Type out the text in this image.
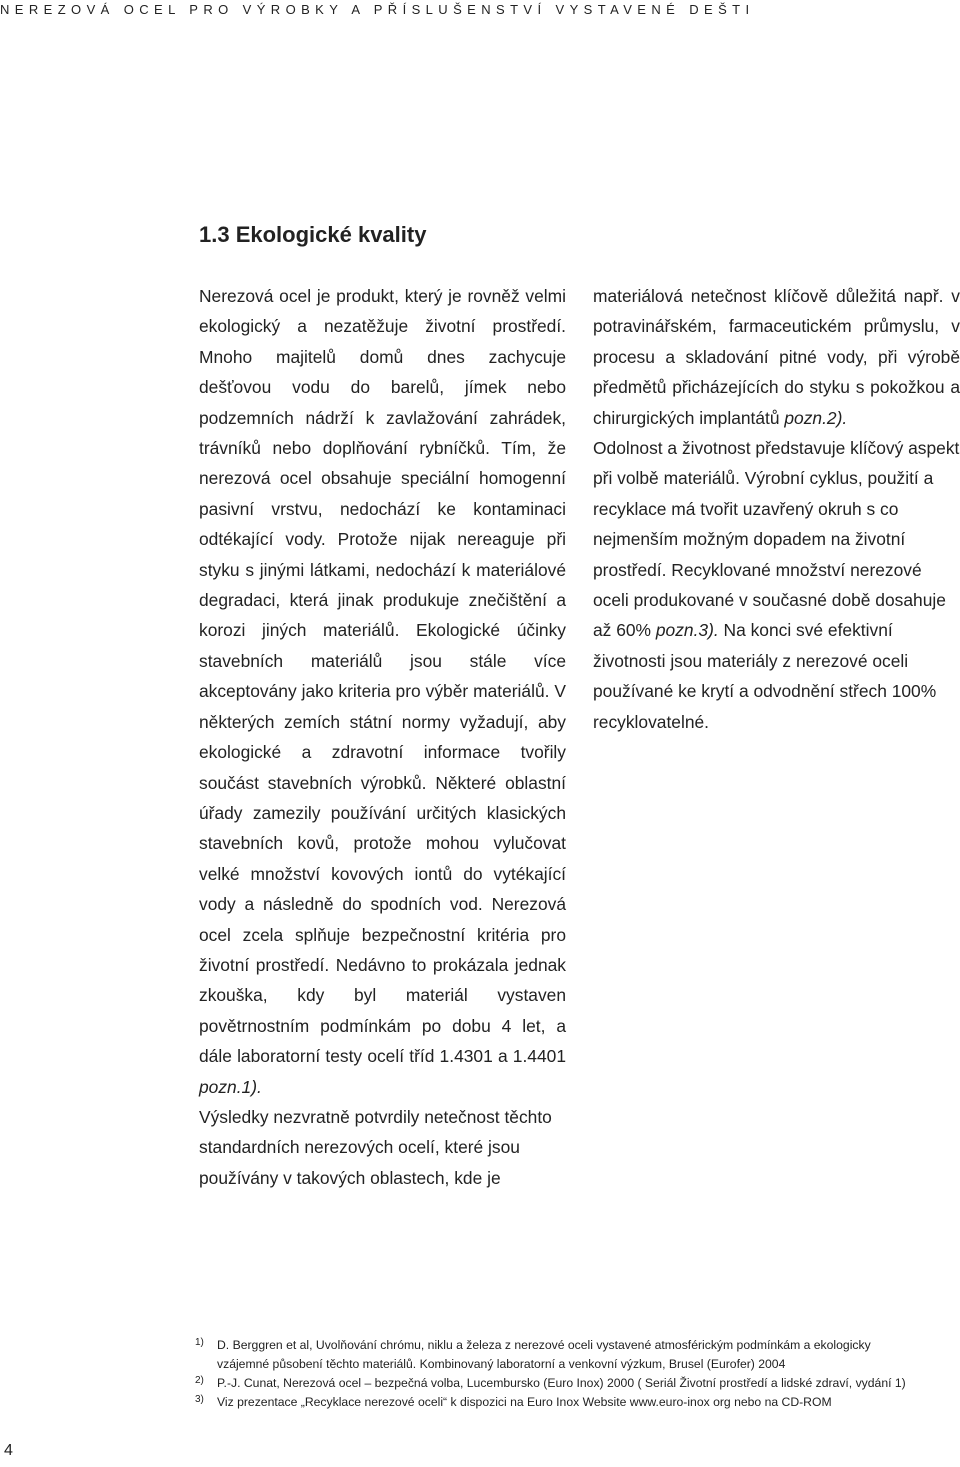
NEREZOVÁ OCEL PRO VÝROBKY A PŘÍSLUŠENSTVÍ VYSTAVENÉ DEŠTI
1.3 Ekologické kvality

Nerezová ocel je produkt, který je rovněž velmi ekologický a nezatěžuje životní prostředí. Mnoho majitelů domů dnes zachycuje dešťovou vodu do barelů, jímek nebo podzemních nádrží k zavlažování zahrádek, trávníků nebo doplňování rybníčků. Tím, že nerezová ocel obsahuje speciální homogenní pasivní vrstvu, nedochází ke kontaminaci odtékající vody. Protože nijak nereaguje při styku s jinými látkami, nedochází k materiálové degradaci, která jinak produkuje znečištění a korozi jiných materiálů. Ekologické účinky stavebních materiálů jsou stále více akceptovány jako kriteria pro výběr materiálů. V některých zemích státní normy vyžadují, aby ekologické a zdravotní informace tvořily součást stavebních výrobků. Některé oblastní úřady zamezily používání určitých klasických stavebních kovů, protože mohou vylučovat velké množství kovových iontů do vytékající vody a následně do spodních vod. Nerezová ocel zcela splňuje bezpečnostní kritéria pro životní prostředí. Nedávno to prokázala jednak zkouška, kdy byl materiál vystaven povětrnostním podmínkám po dobu 4 let, a dále laboratorní testy ocelí tříd 1.4301 a 1.4401 pozn.1).

Výsledky nezvratně potvrdily netečnost těchto standardních nerezových ocelí, které jsou používány v takových oblastech, kde je

materiálová netečnost klíčově důležitá např. v potravinářském, farmaceutickém průmyslu, v procesu a skladování pitné vody, při výrobě předmětů přicházejících do styku s pokožkou a chirurgických implantátů pozn.2).

Odolnost a životnost představuje klíčový aspekt při volbě materiálů. Výrobní cyklus, použití a recyklace má tvořit uzavřený okruh s co nejmenším možným dopadem na životní prostředí. Recyklované množství nerezové oceli produkované v současné době dosahuje až 60% pozn.3). Na konci své efektivní životnosti jsou materiály z nerezové oceli používané ke krytí a odvodnění střech 100% recyklovatelné.

1) D. Berggren et al, Uvolňování chrómu, niklu a železa z nerezové oceli vystavené atmosférickým podmínkám a ekologicky
vzájemné působení těchto materiálů. Kombinovaný laboratorní a venkovní výzkum, Brusel (Eurofer) 2004
2) P.-J. Cunat, Nerezová ocel – bezpečná volba, Lucembursko (Euro Inox) 2000 ( Seriál Životní prostředí a lidské zdraví, vydání 1)
3) Viz prezentace „Recyklace nerezové oceli“ k dispozici na Euro Inox Website www.euro-inox org nebo na CD-ROM
4
